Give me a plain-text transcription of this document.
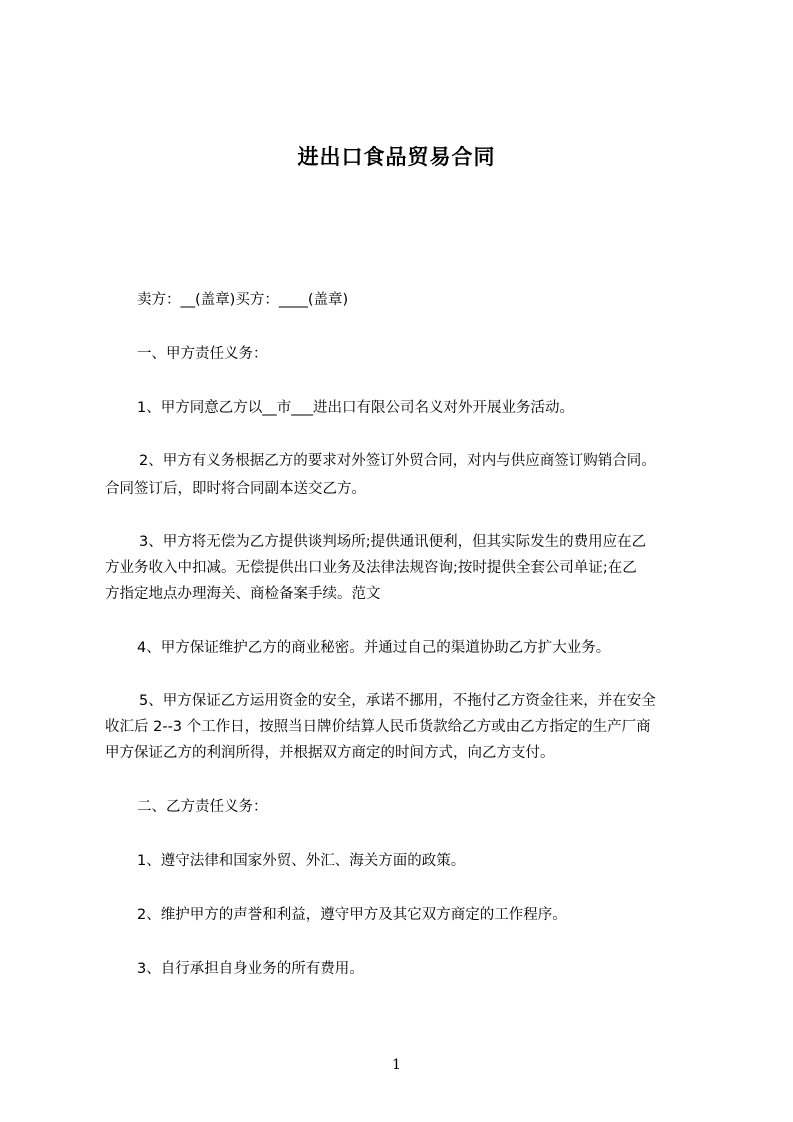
进出口食品贸易合同
卖方：__(盖章)买方：____(盖章)
一、甲方责任义务：
1、甲方同意乙方以__市___进出口有限公司名义对外开展业务活动。
2、甲方有义务根据乙方的要求对外签订外贸合同，对内与供应商签订购销合同。
合同签订后，即时将合同副本送交乙方。
3、甲方将无偿为乙方提供谈判场所;提供通讯便利，但其实际发生的费用应在乙
方业务收入中扣减。无偿提供出口业务及法律法规咨询;按时提供全套公司单证;在乙
方指定地点办理海关、商检备案手续。范文
4、甲方保证维护乙方的商业秘密。并通过自己的渠道协助乙方扩大业务。
5、甲方保证乙方运用资金的安全，承诺不挪用，不拖付乙方资金往来，并在安全
收汇后 2--3 个工作日，按照当日牌价结算人民币货款给乙方或由乙方指定的生产厂商
甲方保证乙方的利润所得，并根据双方商定的时间方式，向乙方支付。
二、乙方责任义务：
1、遵守法律和国家外贸、外汇、海关方面的政策。
2、维护甲方的声誉和利益，遵守甲方及其它双方商定的工作程序。
3、自行承担自身业务的所有费用。
1
